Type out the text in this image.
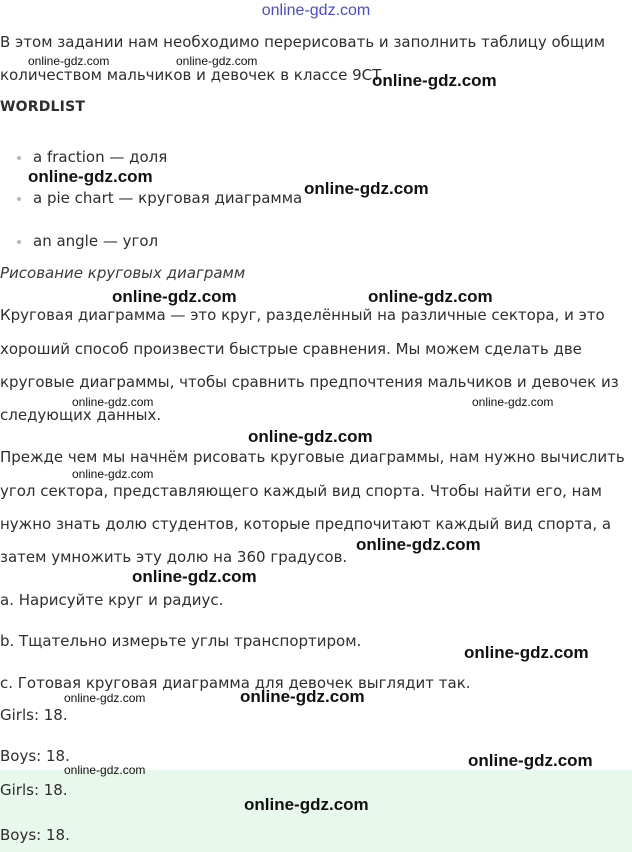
online-gdz.com
В этом задании нам необходимо перерисовать и заполнить таблицу общим
количеством мальчиков и девочек в классе 9СТ
WORDLIST
a fraction — доля
a pie chart — круговая диаграмма
an angle — угол
Рисование круговых диаграмм
Круговая диаграмма — это круг, разделённый на различные сектора, и это
хороший способ произвести быстрые сравнения. Мы можем сделать две
круговые диаграммы, чтобы сравнить предпочтения мальчиков и девочек из
следующих данных.
Прежде чем мы начнём рисовать круговые диаграммы, нам нужно вычислить
угол сектора, представляющего каждый вид спорта. Чтобы найти его, нам
нужно знать долю студентов, которые предпочитают каждый вид спорта, а
затем умножить эту долю на 360 градусов.
a. Нарисуйте круг и радиус.
b. Тщательно измерьте углы транспортиром.
c. Готовая круговая диаграмма для девочек выглядит так.
Girls: 18.
Boys: 18.
Girls: 18.
Boys: 18.
online-gdz.com	online-gdz.com
online-gdz.com
online-gdz.com
online-gdz.com
online-gdz.com	online-gdz.com
online-gdz.com	online-gdz.com
online-gdz.com
online-gdz.com
online-gdz.com
online-gdz.com
online-gdz.com
online-gdz.com	online-gdz.com
online-gdz.com
online-gdz.com
online-gdz.com
